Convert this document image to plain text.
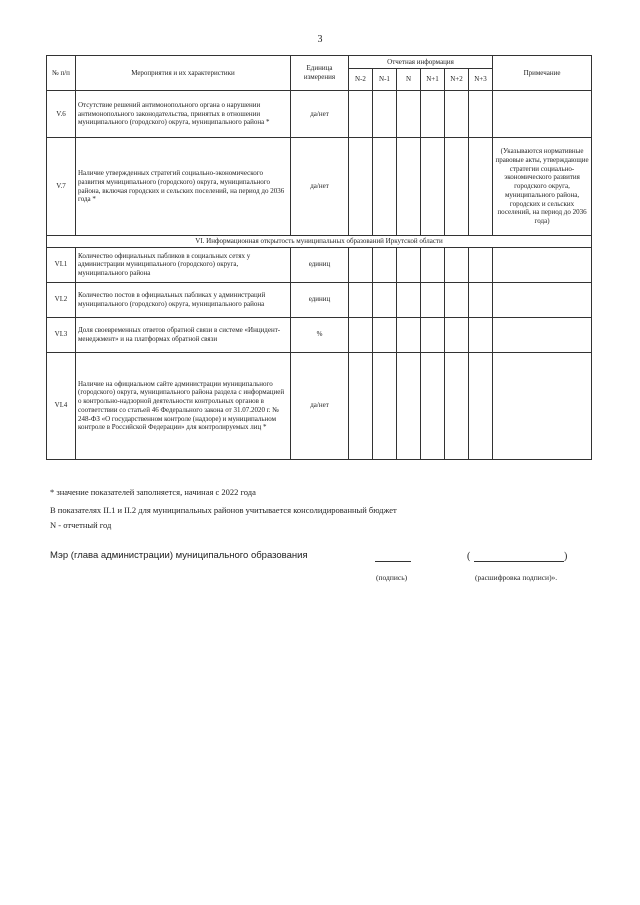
3
№ п/п	Мероприятия и их характеристики	Единица измерения	Отчетная информация						Примечание
			N-2	N-1	N	N+1	N+2	N+3	
V.6	Отсутствие решений антимонопольного органа о нарушении антимонопольного законодательства, принятых в отношении муниципального (городского) округа, муниципального района *	да/нет							
V.7	Наличие утвержденных стратегий социально-экономического развития муниципального (городского) округа, муниципального района, включая городских и сельских поселений, на период до 2036 года *	да/нет							(Указываются нормативные правовые акты, утверждающие стратегии социально-экономического развития городского округа, муниципального района, городских и сельских поселений, на период до 2036 года)
VI. Информационная открытость муниципальных образований Иркутской области									
VI.1	Количество официальных пабликов в социальных сетях у администрации муниципального (городского) округа, муниципального района	единиц							
VI.2	Количество постов в официальных пабликах у администраций муниципального (городского) округа, муниципального района	единиц							
VI.3	Доля своевременных ответов обратной связи в системе «Инцидент-менеджмент» и на платформах обратной связи	%							
VI.4	Наличие на официальном сайте администрации муниципального (городского) округа, муниципального района раздела с информацией о контрольно-надзорной деятельности контрольных органов в соответствии со статьей 46 Федерального закона от 31.07.2020 г. № 248-ФЗ «О государственном контроле (надзоре) и муниципальном контроле в Российской Федерации» для контролируемых лиц *	да/нет							
* значение показателей заполняется, начиная с 2022 года
В показателях II.1 и II.2 для муниципальных районов учитывается консолидированный бюджет
N - отчетный год
Мэр (глава администрации) муниципального образования	(	)
(подпись)	(расшифровка подписи)».
